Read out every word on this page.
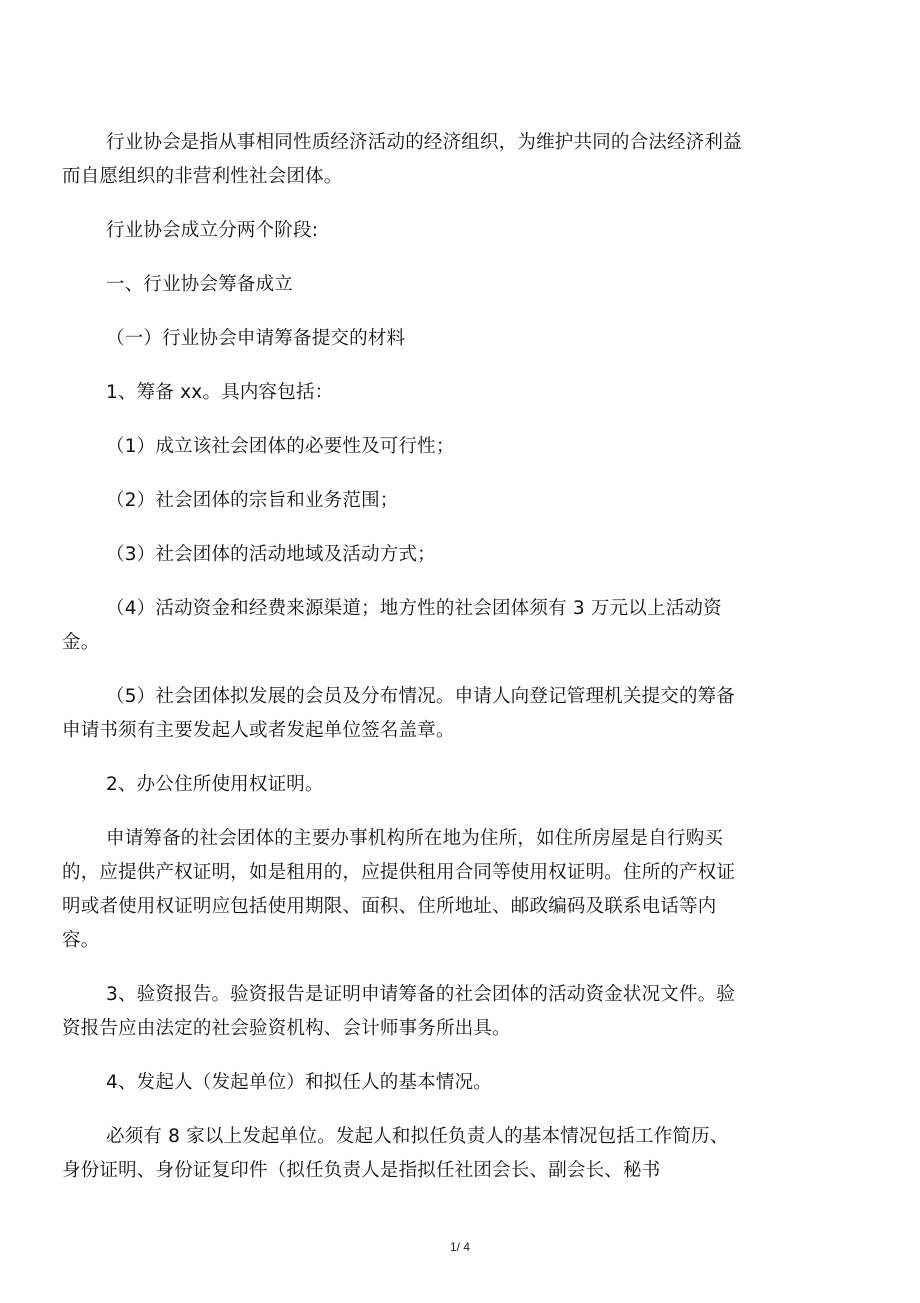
行业协会是指从事相同性质经济活动的经济组织，为维护共同的合法经济利益而自愿组织的非营利性社会团体。

行业协会成立分两个阶段:

一、行业协会筹备成立

（一）行业协会申请筹备提交的材料

1、筹备 xx。具内容包括：

（1）成立该社会团体的必要性及可行性；

（2）社会团体的宗旨和业务范围；

（3）社会团体的活动地域及活动方式；

（4）活动资金和经费来源渠道；地方性的社会团体须有 3 万元以上活动资金。

（5）社会团体拟发展的会员及分布情况。申请人向登记管理机关提交的筹备申请书须有主要发起人或者发起单位签名盖章。

2、办公住所使用权证明。

申请筹备的社会团体的主要办事机构所在地为住所，如住所房屋是自行购买的，应提供产权证明，如是租用的，应提供租用合同等使用权证明。住所的产权证明或者使用权证明应包括使用期限、面积、住所地址、邮政编码及联系电话等内容。

3、验资报告。验资报告是证明申请筹备的社会团体的活动资金状况文件。验资报告应由法定的社会验资机构、会计师事务所出具。

4、发起人（发起单位）和拟任人的基本情况。

必须有 8 家以上发起单位。发起人和拟任负责人的基本情况包括工作简历、身份证明、身份证复印件（拟任负责人是指拟任社团会长、副会长、秘书

1/ 4
